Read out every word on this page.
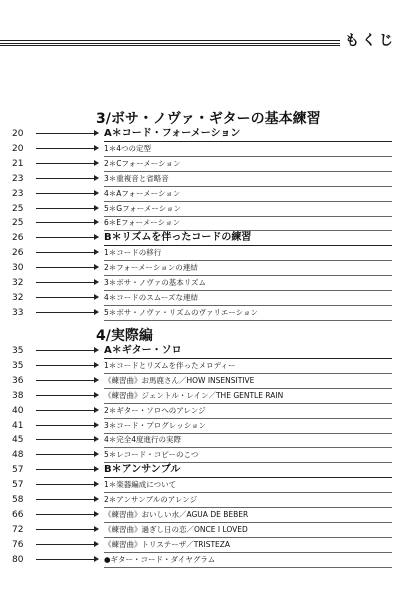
もくじ
3/ボサ・ノヴァ・ギターの基本練習
20	A＊コード・フォーメーション
20	1＊4つの定型
21	2＊Cフォーメーション
23	3＊重複音と省略音
23	4＊Aフォーメーション
25	5＊Gフォーメーション
25	6＊Eフォーメーション
26	B＊リズムを伴ったコードの練習
26	1＊コードの移行
30	2＊フォーメーションの連結
32	3＊ボサ・ノヴァの基本リズム
32	4＊コードのスムーズな連結
33	5＊ボサ・ノヴァ・リズムのヴァリエーション
4/実際編
35	A＊ギター・ソロ
35	1＊コードとリズムを伴ったメロディー
36	《練習曲》お馬鹿さん／HOW INSENSITIVE
38	《練習曲》ジェントル・レイン／THE GENTLE RAIN
40	2＊ギター・ソロへのアレンジ
41	3＊コード・プログレッション
45	4＊完全4度進行の実際
48	5＊レコード・コピーのこつ
57	B＊アンサンブル
57	1＊楽器編成について
58	2＊アンサンブルのアレンジ
66	《練習曲》おいしい水／AGUA DE BEBER
72	《練習曲》過ぎし日の恋／ONCE I LOVED
76	《練習曲》トリステーザ／TRISTEZA
80	●ギター・コード・ダイヤグラム
